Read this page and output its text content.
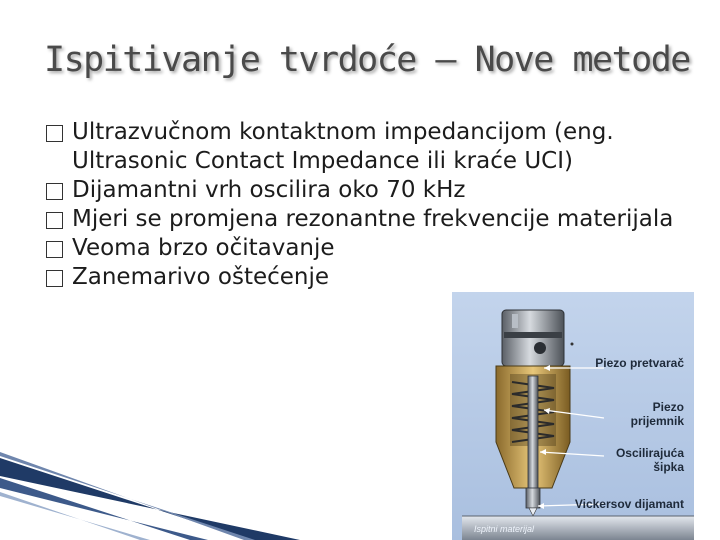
Ispitivanje tvrdoće – Nove metode
Ultrazvučnom kontaktnom impedancijom (eng. Ultrasonic Contact Impedance ili kraće UCI)
Dijamantni vrh oscilira oko 70 kHz
Mjeri se promjena rezonantne frekvencije materijala
Veoma brzo očitavanje
Zanemarivo oštećenje
Piezo pretvarač
Piezo prijemnik
Oscilirajuća šipka
Vickersov dijamant
Ispitni materijal
